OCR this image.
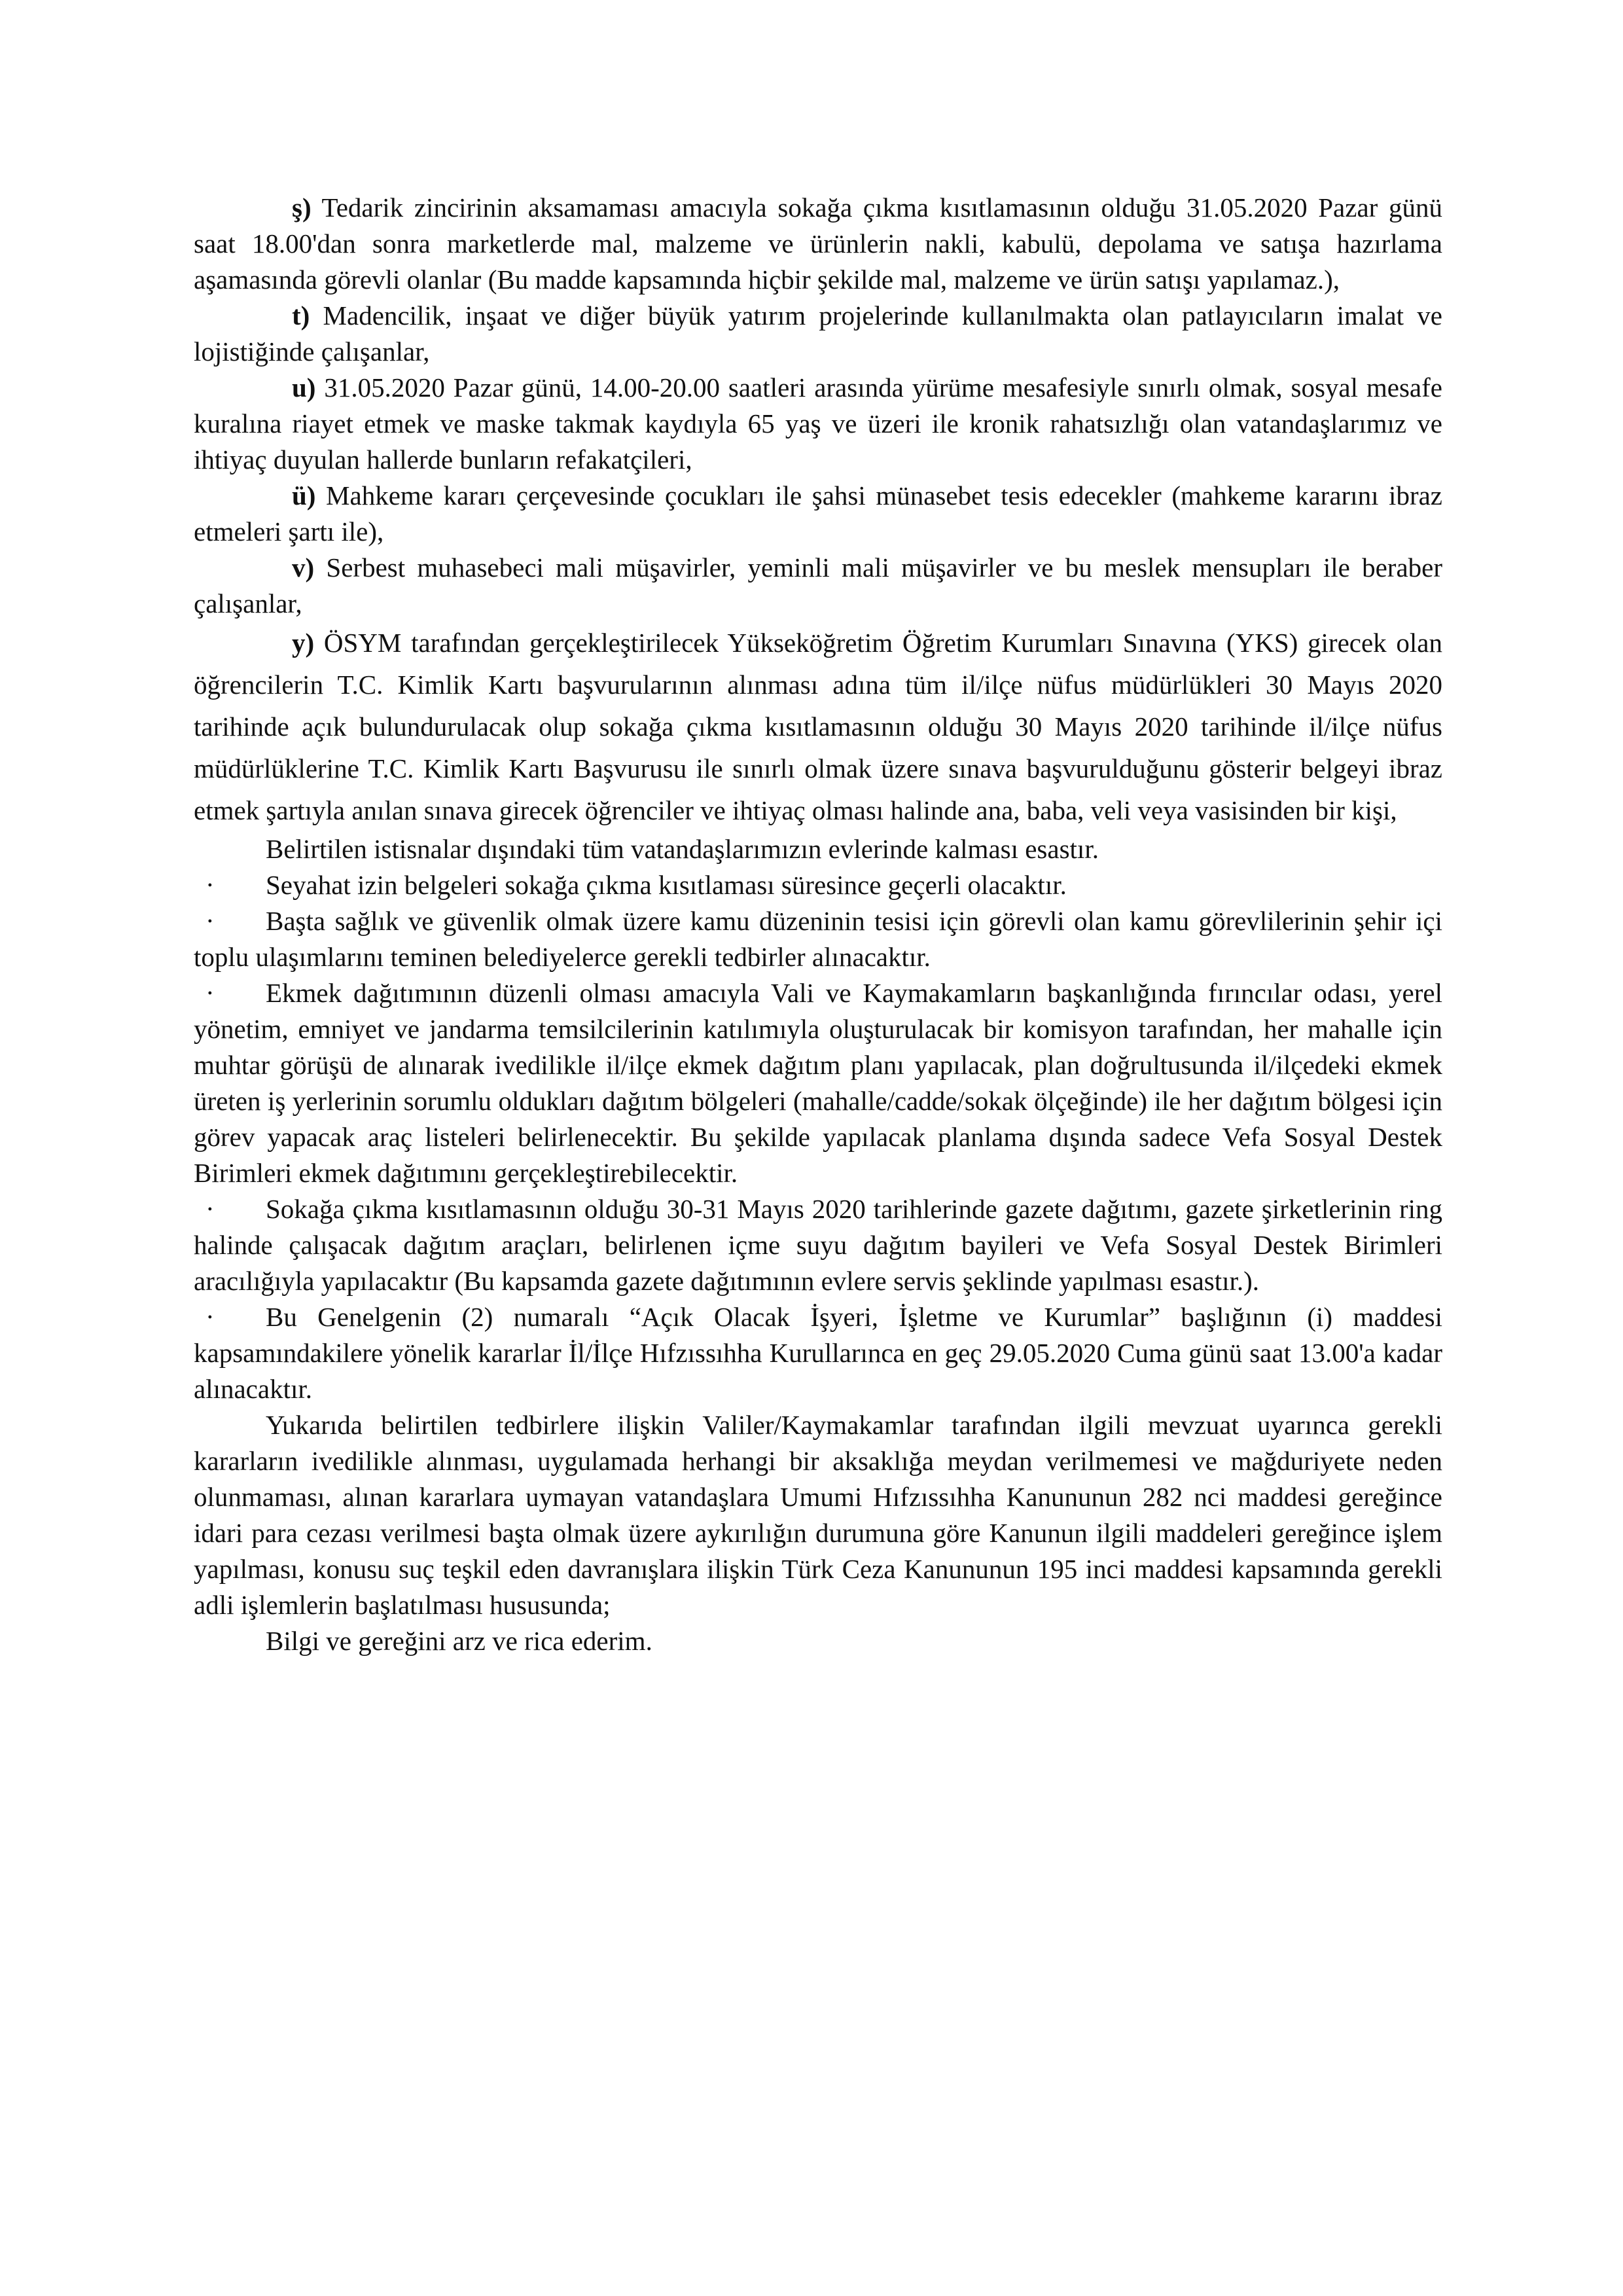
ş) Tedarik zincirinin aksamaması amacıyla sokağa çıkma kısıtlamasının olduğu 31.05.2020 Pazar günü saat 18.00'dan sonra marketlerde mal, malzeme ve ürünlerin nakli, kabulü, depolama ve satışa hazırlama aşamasında görevli olanlar (Bu madde kapsamında hiçbir şekilde mal, malzeme ve ürün satışı yapılamaz.),

t) Madencilik, inşaat ve diğer büyük yatırım projelerinde kullanılmakta olan patlayıcıların imalat ve lojistiğinde çalışanlar,

u) 31.05.2020 Pazar günü, 14.00-20.00 saatleri arasında yürüme mesafesiyle sınırlı olmak, sosyal mesafe kuralına riayet etmek ve maske takmak kaydıyla 65 yaş ve üzeri ile kronik rahatsızlığı olan vatandaşlarımız ve ihtiyaç duyulan hallerde bunların refakatçileri,

ü) Mahkeme kararı çerçevesinde çocukları ile şahsi münasebet tesis edecekler (mahkeme kararını ibraz etmeleri şartı ile),

v) Serbest muhasebeci mali müşavirler, yeminli mali müşavirler ve bu meslek mensupları ile beraber çalışanlar,

y) ÖSYM tarafından gerçekleştirilecek Yükseköğretim Öğretim Kurumları Sınavına (YKS) girecek olan öğrencilerin T.C. Kimlik Kartı başvurularının alınması adına tüm il/ilçe nüfus müdürlükleri 30 Mayıs 2020 tarihinde açık bulundurulacak olup sokağa çıkma kısıtlamasının olduğu 30 Mayıs 2020 tarihinde il/ilçe nüfus müdürlüklerine T.C. Kimlik Kartı Başvurusu ile sınırlı olmak üzere sınava başvurulduğunu gösterir belgeyi ibraz etmek şartıyla anılan sınava girecek öğrenciler ve ihtiyaç olması halinde ana, baba, veli veya vasisinden bir kişi,

Belirtilen istisnalar dışındaki tüm vatandaşlarımızın evlerinde kalması esastır.

· Seyahat izin belgeleri sokağa çıkma kısıtlaması süresince geçerli olacaktır.

· Başta sağlık ve güvenlik olmak üzere kamu düzeninin tesisi için görevli olan kamu görevlilerinin şehir içi toplu ulaşımlarını teminen belediyelerce gerekli tedbirler alınacaktır.

· Ekmek dağıtımının düzenli olması amacıyla Vali ve Kaymakamların başkanlığında fırıncılar odası, yerel yönetim, emniyet ve jandarma temsilcilerinin katılımıyla oluşturulacak bir komisyon tarafından, her mahalle için muhtar görüşü de alınarak ivedilikle il/ilçe ekmek dağıtım planı yapılacak, plan doğrultusunda il/ilçedeki ekmek üreten iş yerlerinin sorumlu oldukları dağıtım bölgeleri (mahalle/cadde/sokak ölçeğinde) ile her dağıtım bölgesi için görev yapacak araç listeleri belirlenecektir. Bu şekilde yapılacak planlama dışında sadece Vefa Sosyal Destek Birimleri ekmek dağıtımını gerçekleştirebilecektir.

· Sokağa çıkma kısıtlamasının olduğu 30-31 Mayıs 2020 tarihlerinde gazete dağıtımı, gazete şirketlerinin ring halinde çalışacak dağıtım araçları, belirlenen içme suyu dağıtım bayileri ve Vefa Sosyal Destek Birimleri aracılığıyla yapılacaktır (Bu kapsamda gazete dağıtımının evlere servis şeklinde yapılması esastır.).

· Bu Genelgenin (2) numaralı “Açık Olacak İşyeri, İşletme ve Kurumlar” başlığının (i) maddesi kapsamındakilere yönelik kararlar İl/İlçe Hıfzıssıhha Kurullarınca en geç 29.05.2020 Cuma günü saat 13.00'a kadar alınacaktır.

Yukarıda belirtilen tedbirlere ilişkin Valiler/Kaymakamlar tarafından ilgili mevzuat uyarınca gerekli kararların ivedilikle alınması, uygulamada herhangi bir aksaklığa meydan verilmemesi ve mağduriyete neden olunmaması, alınan kararlara uymayan vatandaşlara Umumi Hıfzıssıhha Kanununun 282 nci maddesi gereğince idari para cezası verilmesi başta olmak üzere aykırılığın durumuna göre Kanunun ilgili maddeleri gereğince işlem yapılması, konusu suç teşkil eden davranışlara ilişkin Türk Ceza Kanununun 195 inci maddesi kapsamında gerekli adli işlemlerin başlatılması hususunda;

Bilgi ve gereğini arz ve rica ederim.
